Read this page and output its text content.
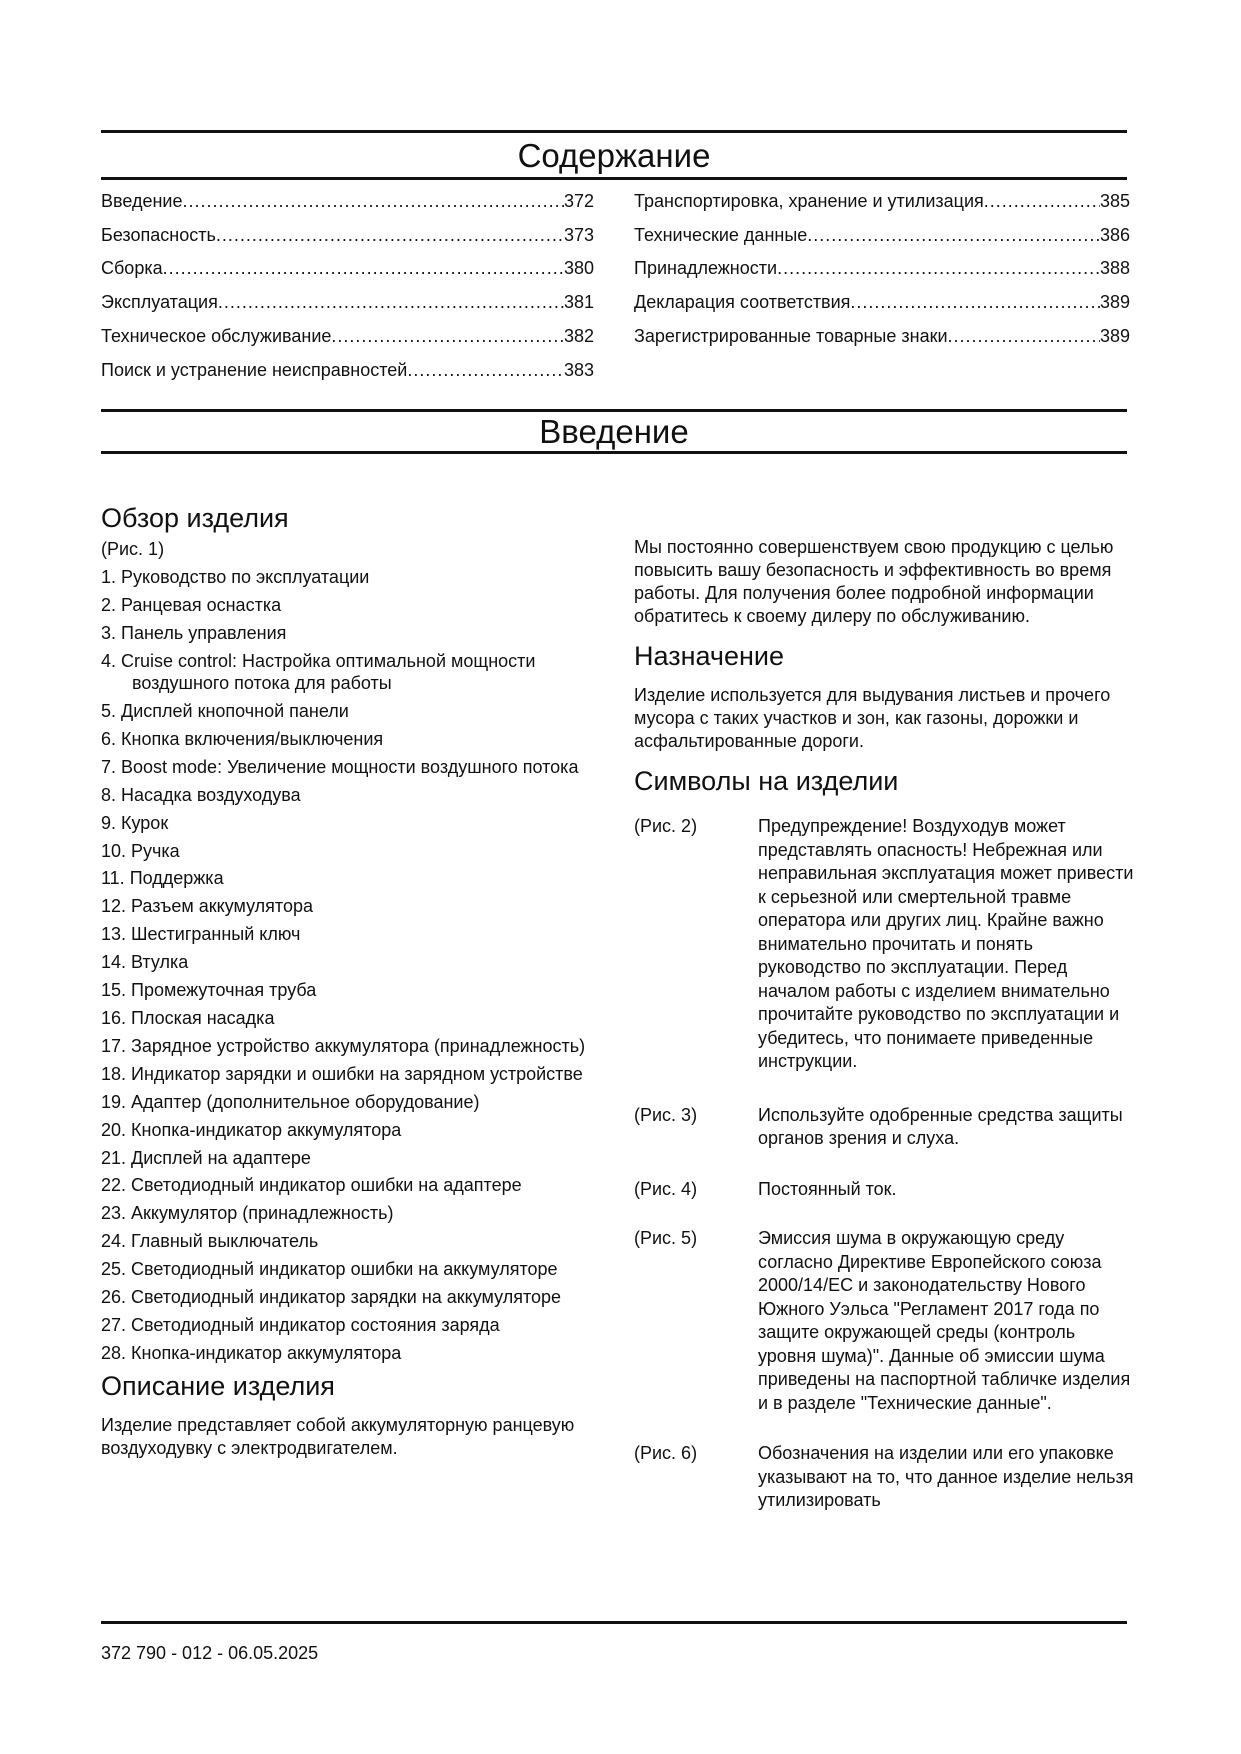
Содержание
Введение .....	372
Безопасность .....	373
Сборка .....	380
Эксплуатация .....	381
Техническое обслуживание .....	382
Поиск и устранение неисправностей .....	383
Транспортировка, хранение и утилизация .....	385
Технические данные .....	386
Принадлежности .....	388
Декларация соответствия .....	389
Зарегистрированные товарные знаки .....	389
Введение
Обзор изделия
(Рис. 1)
1. Руководство по эксплуатации
2. Ранцевая оснастка
3. Панель управления
4. Cruise control: Настройка оптимальной мощности воздушного потока для работы
5. Дисплей кнопочной панели
6. Кнопка включения/выключения
7. Boost mode: Увеличение мощности воздушного потока
8. Насадка воздуходува
9. Курок
10. Ручка
11. Поддержка
12. Разъем аккумулятора
13. Шестигранный ключ
14. Втулка
15. Промежуточная труба
16. Плоская насадка
17. Зарядное устройство аккумулятора (принадлежность)
18. Индикатор зарядки и ошибки на зарядном устройстве
19. Адаптер (дополнительное оборудование)
20. Кнопка-индикатор аккумулятора
21. Дисплей на адаптере
22. Светодиодный индикатор ошибки на адаптере
23. Аккумулятор (принадлежность)
24. Главный выключатель
25. Светодиодный индикатор ошибки на аккумуляторе
26. Светодиодный индикатор зарядки на аккумуляторе
27. Светодиодный индикатор состояния заряда
28. Кнопка-индикатор аккумулятора
Описание изделия

Изделие представляет собой аккумуляторную ранцевую воздуходувку с электродвигателем.

Мы постоянно совершенствуем свою продукцию с целью повысить вашу безопасность и эффективность во время работы. Для получения более подробной информации обратитесь к своему дилеру по обслуживанию.

Назначение

Изделие используется для выдувания листьев и прочего мусора с таких участков и зон, как газоны, дорожки и асфальтированные дороги.

Символы на изделии
(Рис. 2)	Предупреждение! Воздуходув может представлять опасность! Небрежная или неправильная эксплуатация может привести к серьезной или смертельной травме оператора или других лиц. Крайне важно внимательно прочитать и понять руководство по эксплуатации. Перед началом работы с изделием внимательно прочитайте руководство по эксплуатации и убедитесь, что понимаете приведенные инструкции.
(Рис. 3)	Используйте одобренные средства защиты органов зрения и слуха.
(Рис. 4)	Постоянный ток.
(Рис. 5)	Эмиссия шума в окружающую среду согласно Директиве Европейского союза 2000/14/ЕС и законодательству Нового Южного Уэльса "Регламент 2017 года по защите окружающей среды (контроль уровня шума)". Данные об эмиссии шума приведены на паспортной табличке изделия и в разделе "Технические данные".
(Рис. 6)	Обозначения на изделии или его упаковке указывают на то, что данное изделие нельзя утилизировать
372 790 - 012 - 06.05.2025
